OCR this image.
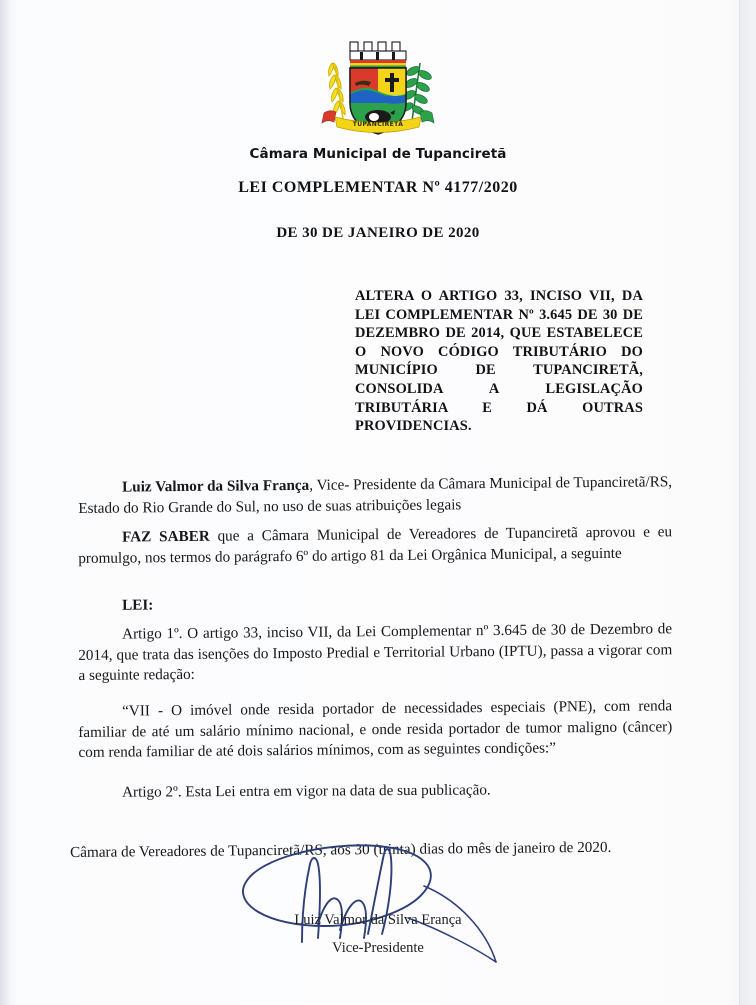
TUPANCIRETÃ
Câmara Municipal de Tupanciretã
LEI COMPLEMENTAR Nº 4177/2020
DE 30 DE JANEIRO DE 2020
ALTERA O ARTIGO 33, INCISO VII, DA LEI COMPLEMENTAR Nº 3.645 DE 30 DE DEZEMBRO DE 2014, QUE ESTABELECE O NOVO CÓDIGO TRIBUTÁRIO DO MUNICÍPIO DE TUPANCIRETÃ, CONSOLIDA A LEGISLAÇÃO TRIBUTÁRIA E DÁ OUTRAS PROVIDENCIAS.

Luiz Valmor da Silva França, Vice- Presidente da Câmara Municipal de Tupanciretã/RS, Estado do Rio Grande do Sul, no uso de suas atribuições legais

FAZ SABER que a Câmara Municipal de Vereadores de Tupanciretã aprovou e eu promulgo, nos termos do parágrafo 6º do artigo 81 da Lei Orgânica Municipal, a seguinte

LEI:

Artigo 1º. O artigo 33, inciso VII, da Lei Complementar nº 3.645 de 30 de Dezembro de 2014, que trata das isenções do Imposto Predial e Territorial Urbano (IPTU), passa a vigorar com a seguinte redação:

“VII - O imóvel onde resida portador de necessidades especiais (PNE), com renda familiar de até um salário mínimo nacional, e onde resida portador de tumor maligno (câncer) com renda familiar de até dois salários mínimos, com as seguintes condições:”

Artigo 2º. Esta Lei entra em vigor na data de sua publicação.

Câmara de Vereadores de Tupanciretã/RS, aos 30 (trinta) dias do mês de janeiro de 2020.

Luiz Valmor da Silva Erança
Vice-Presidente
